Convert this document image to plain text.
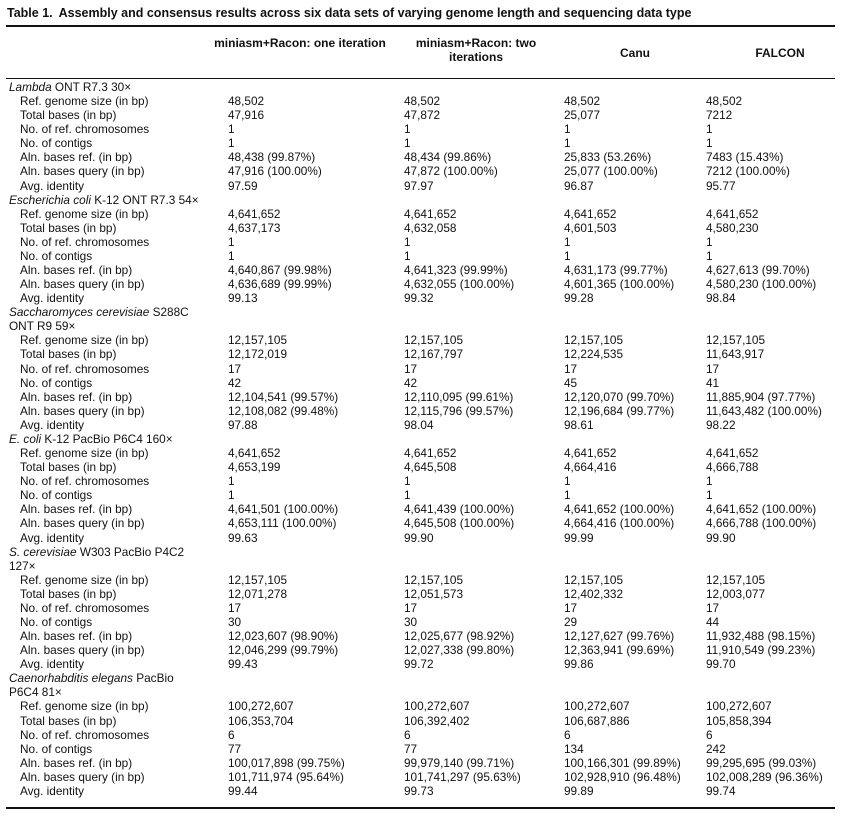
Table 1. Assembly and consensus results across six data sets of varying genome length and sequencing data type
miniasm+Racon: one iteration	miniasm+Racon: two iterations	Canu	FALCON
Lambda ONT R7.3 30×
Ref. genome size (in bp)	48,502	48,502	48,502	48,502
Total bases (in bp)	47,916	47,872	25,077	7212
No. of ref. chromosomes	1	1	1	1
No. of contigs	1	1	1	1
Aln. bases ref. (in bp)	48,438 (99.87%)	48,434 (99.86%)	25,833 (53.26%)	7483 (15.43%)
Aln. bases query (in bp)	47,916 (100.00%)	47,872 (100.00%)	25,077 (100.00%)	7212 (100.00%)
Avg. identity	97.59	97.97	96.87	95.77
Escherichia coli K-12 ONT R7.3 54×
Ref. genome size (in bp)	4,641,652	4,641,652	4,641,652	4,641,652
Total bases (in bp)	4,637,173	4,632,058	4,601,503	4,580,230
No. of ref. chromosomes	1	1	1	1
No. of contigs	1	1	1	1
Aln. bases ref. (in bp)	4,640,867 (99.98%)	4,641,323 (99.99%)	4,631,173 (99.77%)	4,627,613 (99.70%)
Aln. bases query (in bp)	4,636,689 (99.99%)	4,632,055 (100.00%)	4,601,365 (100.00%)	4,580,230 (100.00%)
Avg. identity	99.13	99.32	99.28	98.84
Saccharomyces cerevisiae S288C
ONT R9 59×
Ref. genome size (in bp)	12,157,105	12,157,105	12,157,105	12,157,105
Total bases (in bp)	12,172,019	12,167,797	12,224,535	11,643,917
No. of ref. chromosomes	17	17	17	17
No. of contigs	42	42	45	41
Aln. bases ref. (in bp)	12,104,541 (99.57%)	12,110,095 (99.61%)	12,120,070 (99.70%)	11,885,904 (97.77%)
Aln. bases query (in bp)	12,108,082 (99.48%)	12,115,796 (99.57%)	12,196,684 (99.77%)	11,643,482 (100.00%)
Avg. identity	97.88	98.04	98.61	98.22
E. coli K-12 PacBio P6C4 160×
Ref. genome size (in bp)	4,641,652	4,641,652	4,641,652	4,641,652
Total bases (in bp)	4,653,199	4,645,508	4,664,416	4,666,788
No. of ref. chromosomes	1	1	1	1
No. of contigs	1	1	1	1
Aln. bases ref. (in bp)	4,641,501 (100.00%)	4,641,439 (100.00%)	4,641,652 (100.00%)	4,641,652 (100.00%)
Aln. bases query (in bp)	4,653,111 (100.00%)	4,645,508 (100.00%)	4,664,416 (100.00%)	4,666,788 (100.00%)
Avg. identity	99.63	99.90	99.99	99.90
S. cerevisiae W303 PacBio P4C2
127×
Ref. genome size (in bp)	12,157,105	12,157,105	12,157,105	12,157,105
Total bases (in bp)	12,071,278	12,051,573	12,402,332	12,003,077
No. of ref. chromosomes	17	17	17	17
No. of contigs	30	30	29	44
Aln. bases ref. (in bp)	12,023,607 (98.90%)	12,025,677 (98.92%)	12,127,627 (99.76%)	11,932,488 (98.15%)
Aln. bases query (in bp)	12,046,299 (99.79%)	12,027,338 (99.80%)	12,363,941 (99.69%)	11,910,549 (99.23%)
Avg. identity	99.43	99.72	99.86	99.70
Caenorhabditis elegans PacBio
P6C4 81×
Ref. genome size (in bp)	100,272,607	100,272,607	100,272,607	100,272,607
Total bases (in bp)	106,353,704	106,392,402	106,687,886	105,858,394
No. of ref. chromosomes	6	6	6	6
No. of contigs	77	77	134	242
Aln. bases ref. (in bp)	100,017,898 (99.75%)	99,979,140 (99.71%)	100,166,301 (99.89%) 99,295,695 (99.03%)
Aln. bases query (in bp)	101,711,974 (95.64%)	101,741,297 (95.63%)	102,928,910 (96.48%) 102,008,289 (96.36%)
Avg. identity	99.44	99.73	99.89	99.74
